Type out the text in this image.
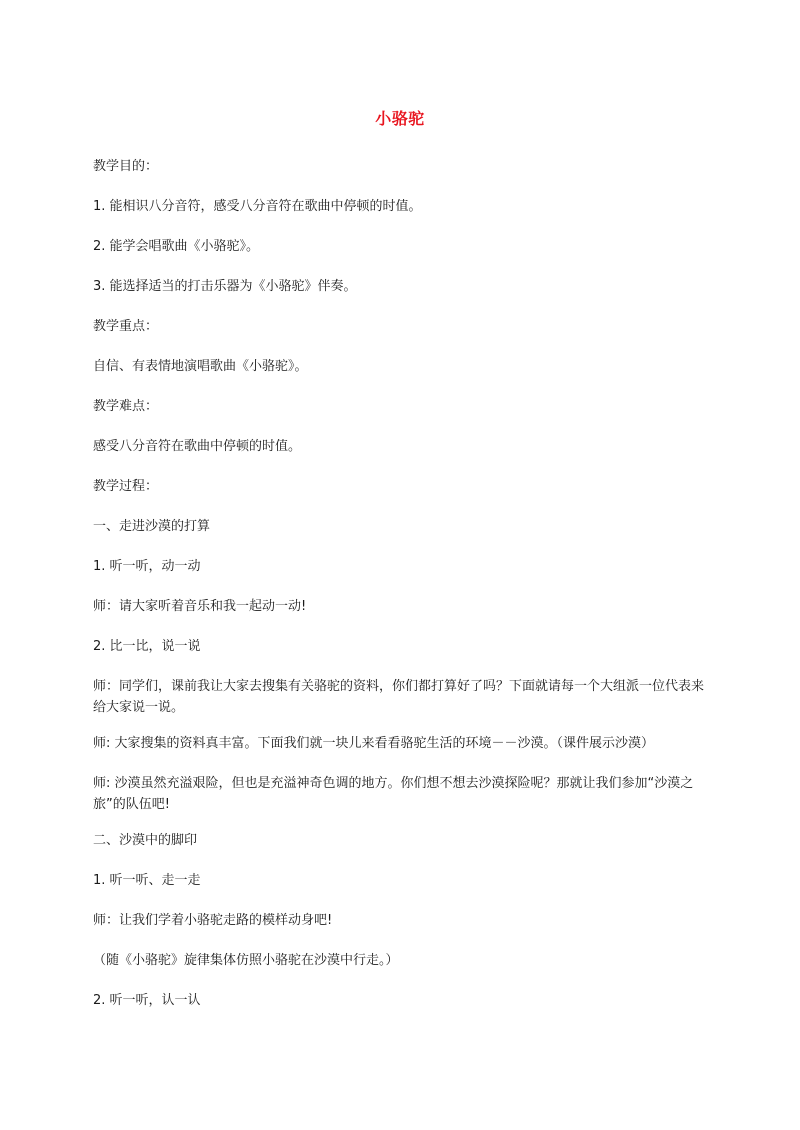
小骆驼

教学目的：

1. 能相识八分音符，感受八分音符在歌曲中停顿的时值。

2. 能学会唱歌曲《小骆驼》。

3. 能选择适当的打击乐器为《小骆驼》伴奏。

教学重点：

自信、有表情地演唱歌曲《小骆驼》。

教学难点：

感受八分音符在歌曲中停顿的时值。

教学过程：

一、走进沙漠的打算

1. 听一听，动一动

师：请大家听着音乐和我一起动一动!

2. 比一比，说一说

师：同学们，课前我让大家去搜集有关骆驼的资料，你们都打算好了吗？下面就请每一个大组派一位代表来给大家说一说。

师: 大家搜集的资料真丰富。下面我们就一块儿来看看骆驼生活的环境－－沙漠。（课件展示沙漠）

师: 沙漠虽然充溢艰险，但也是充溢神奇色调的地方。你们想不想去沙漠探险呢？那就让我们参加“沙漠之旅”的队伍吧!

二、沙漠中的脚印

1. 听一听、走一走

师：让我们学着小骆驼走路的模样动身吧!

（随《小骆驼》旋律集体仿照小骆驼在沙漠中行走。）

2. 听一听，认一认
